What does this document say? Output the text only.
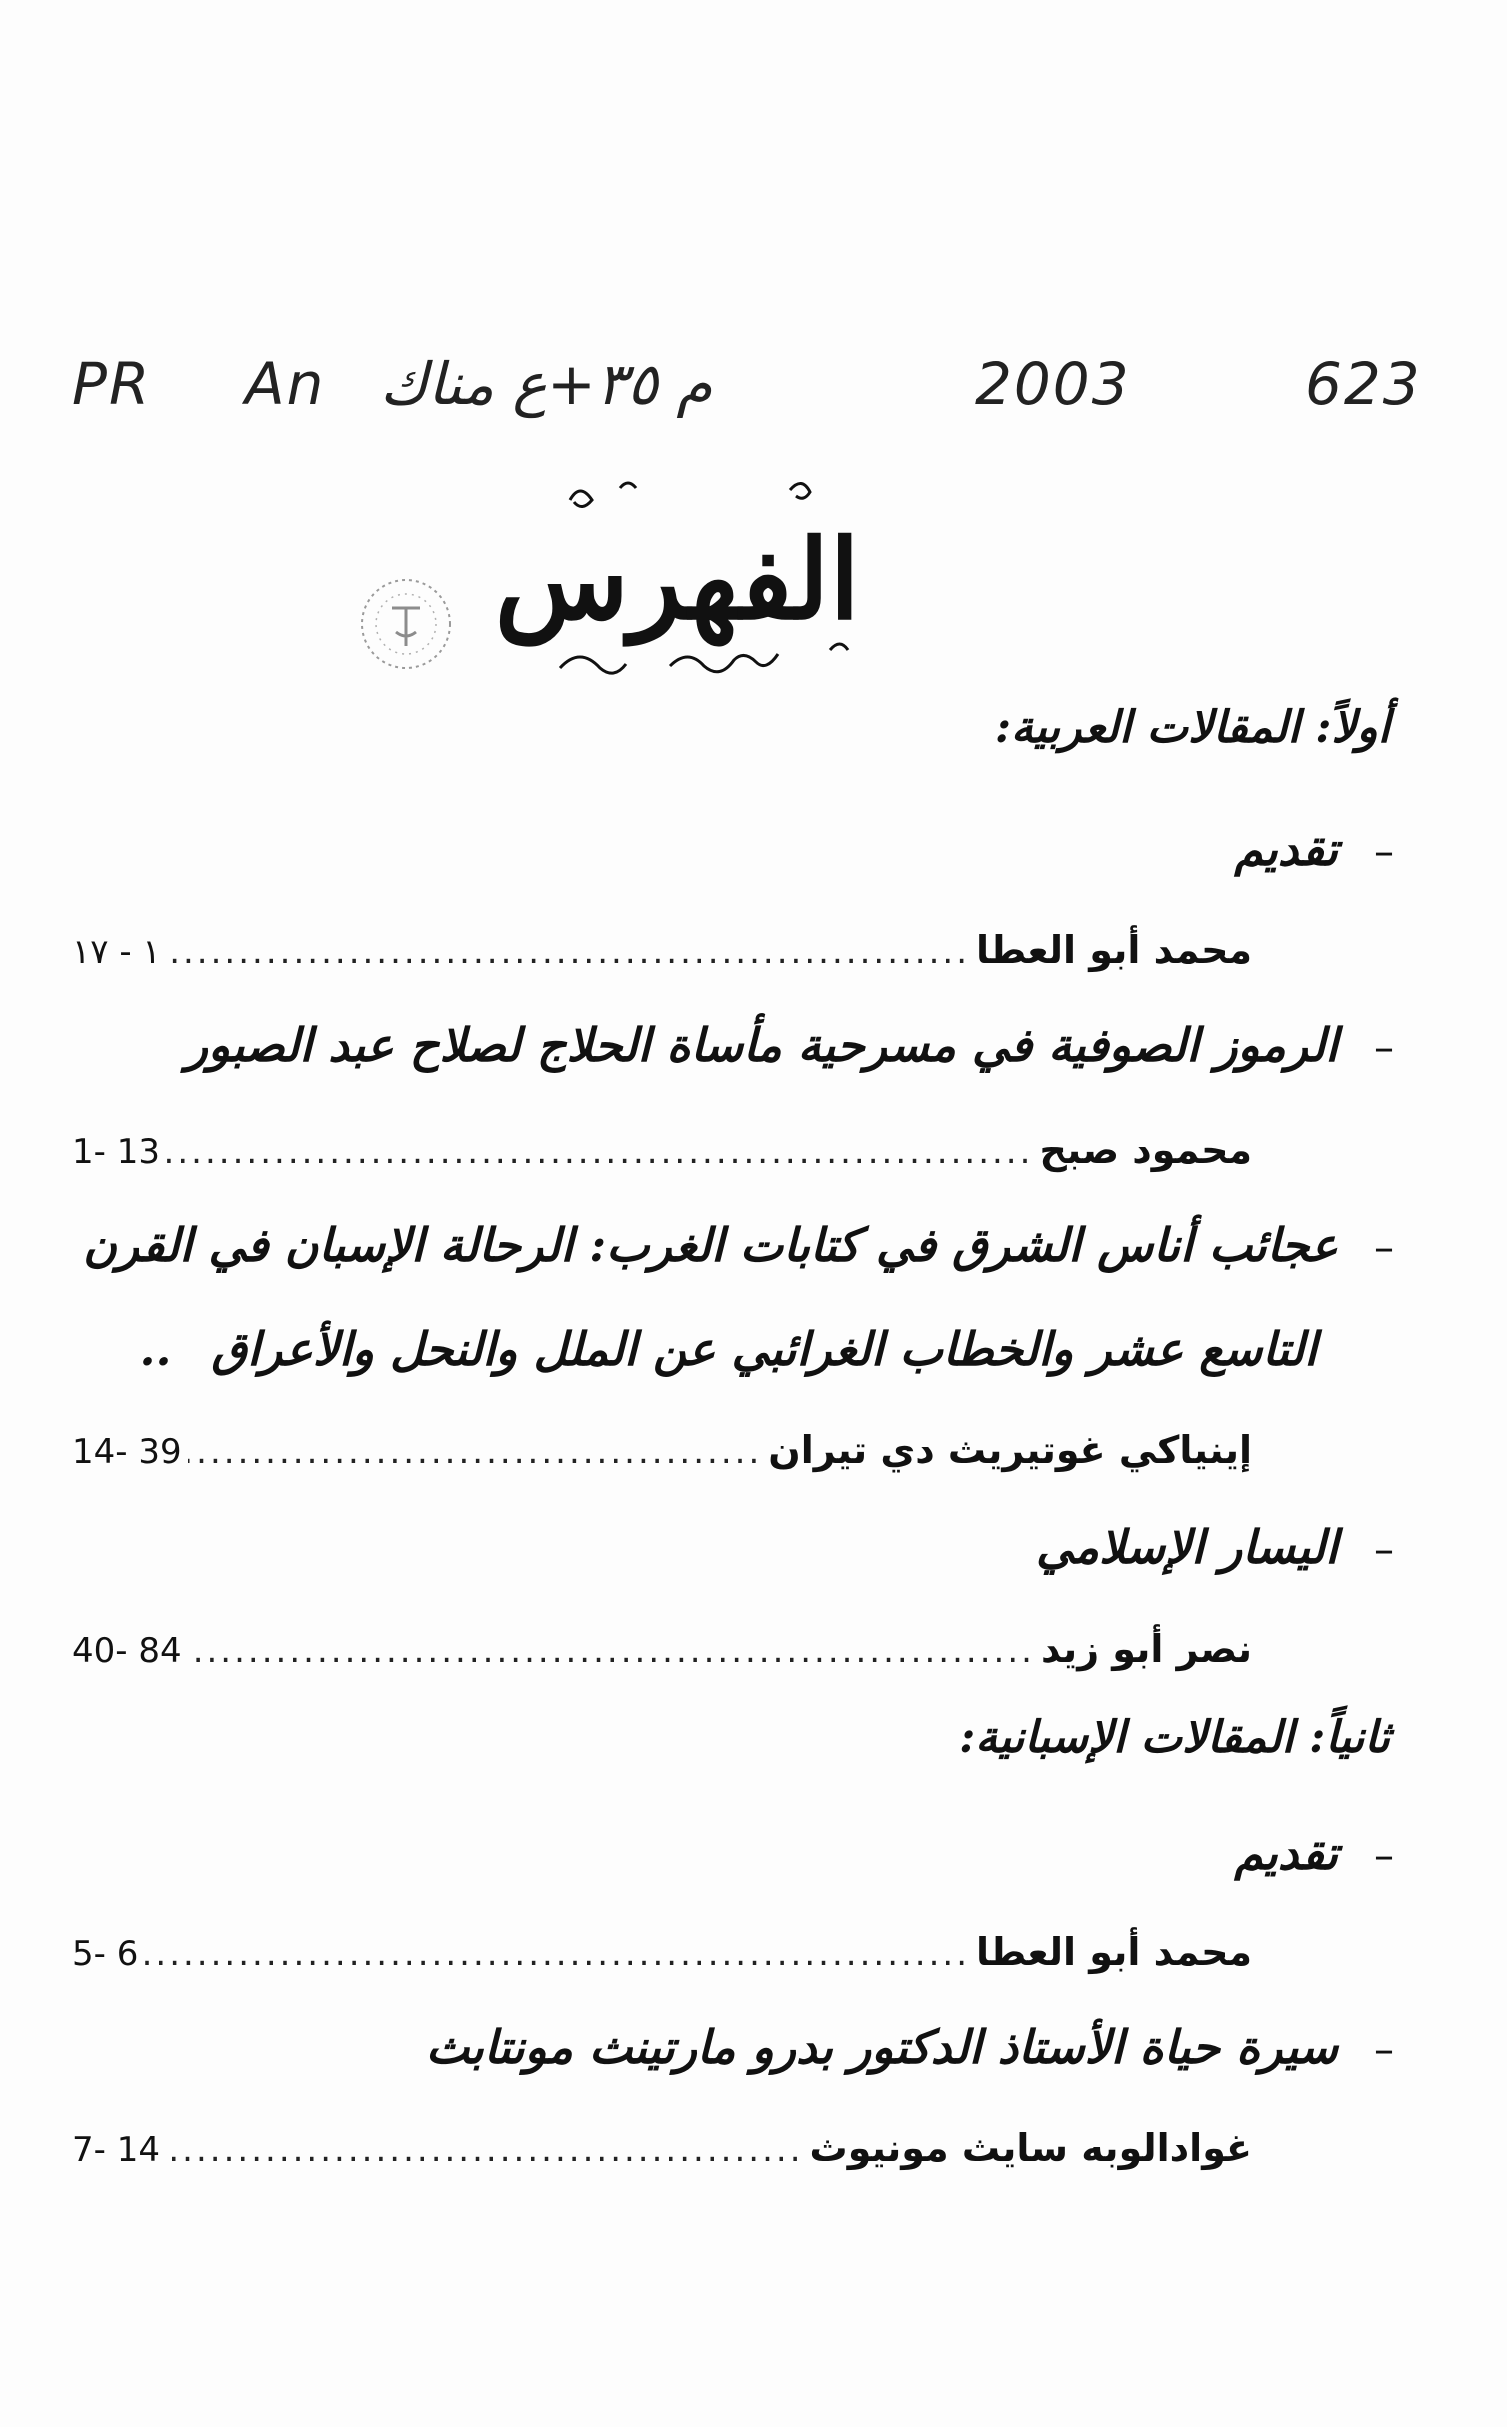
PR An م ٣٥+ع مناك	2003	623
الفهرس
أولاً: المقالات العربية:
–
تقديم
محمد أبو العطا
.....
١ - ١٧
–
الرموز الصوفية في مسرحية مأساة الحلاج لصلاح عبد الصبور
محمود صبح
.....
1- 13
–
عجائب أناس الشرق في كتابات الغرب: الرحالة الإسبان في القرن
التاسع عشر والخطاب الغرائبي عن الملل والنحل والأعراق..
إينياكي غوتيريث دي تيران
.....
14- 39
–
اليسار الإسلامي
نصر أبو زيد
.....
40- 84
ثانياً: المقالات الإسبانية:
–
تقديم
محمد أبو العطا
.....
5- 6
–
سيرة حياة الأستاذ الدكتور بدرو مارتينث مونتابث
غوادالوبه سايث مونيوث
.....
7- 14
